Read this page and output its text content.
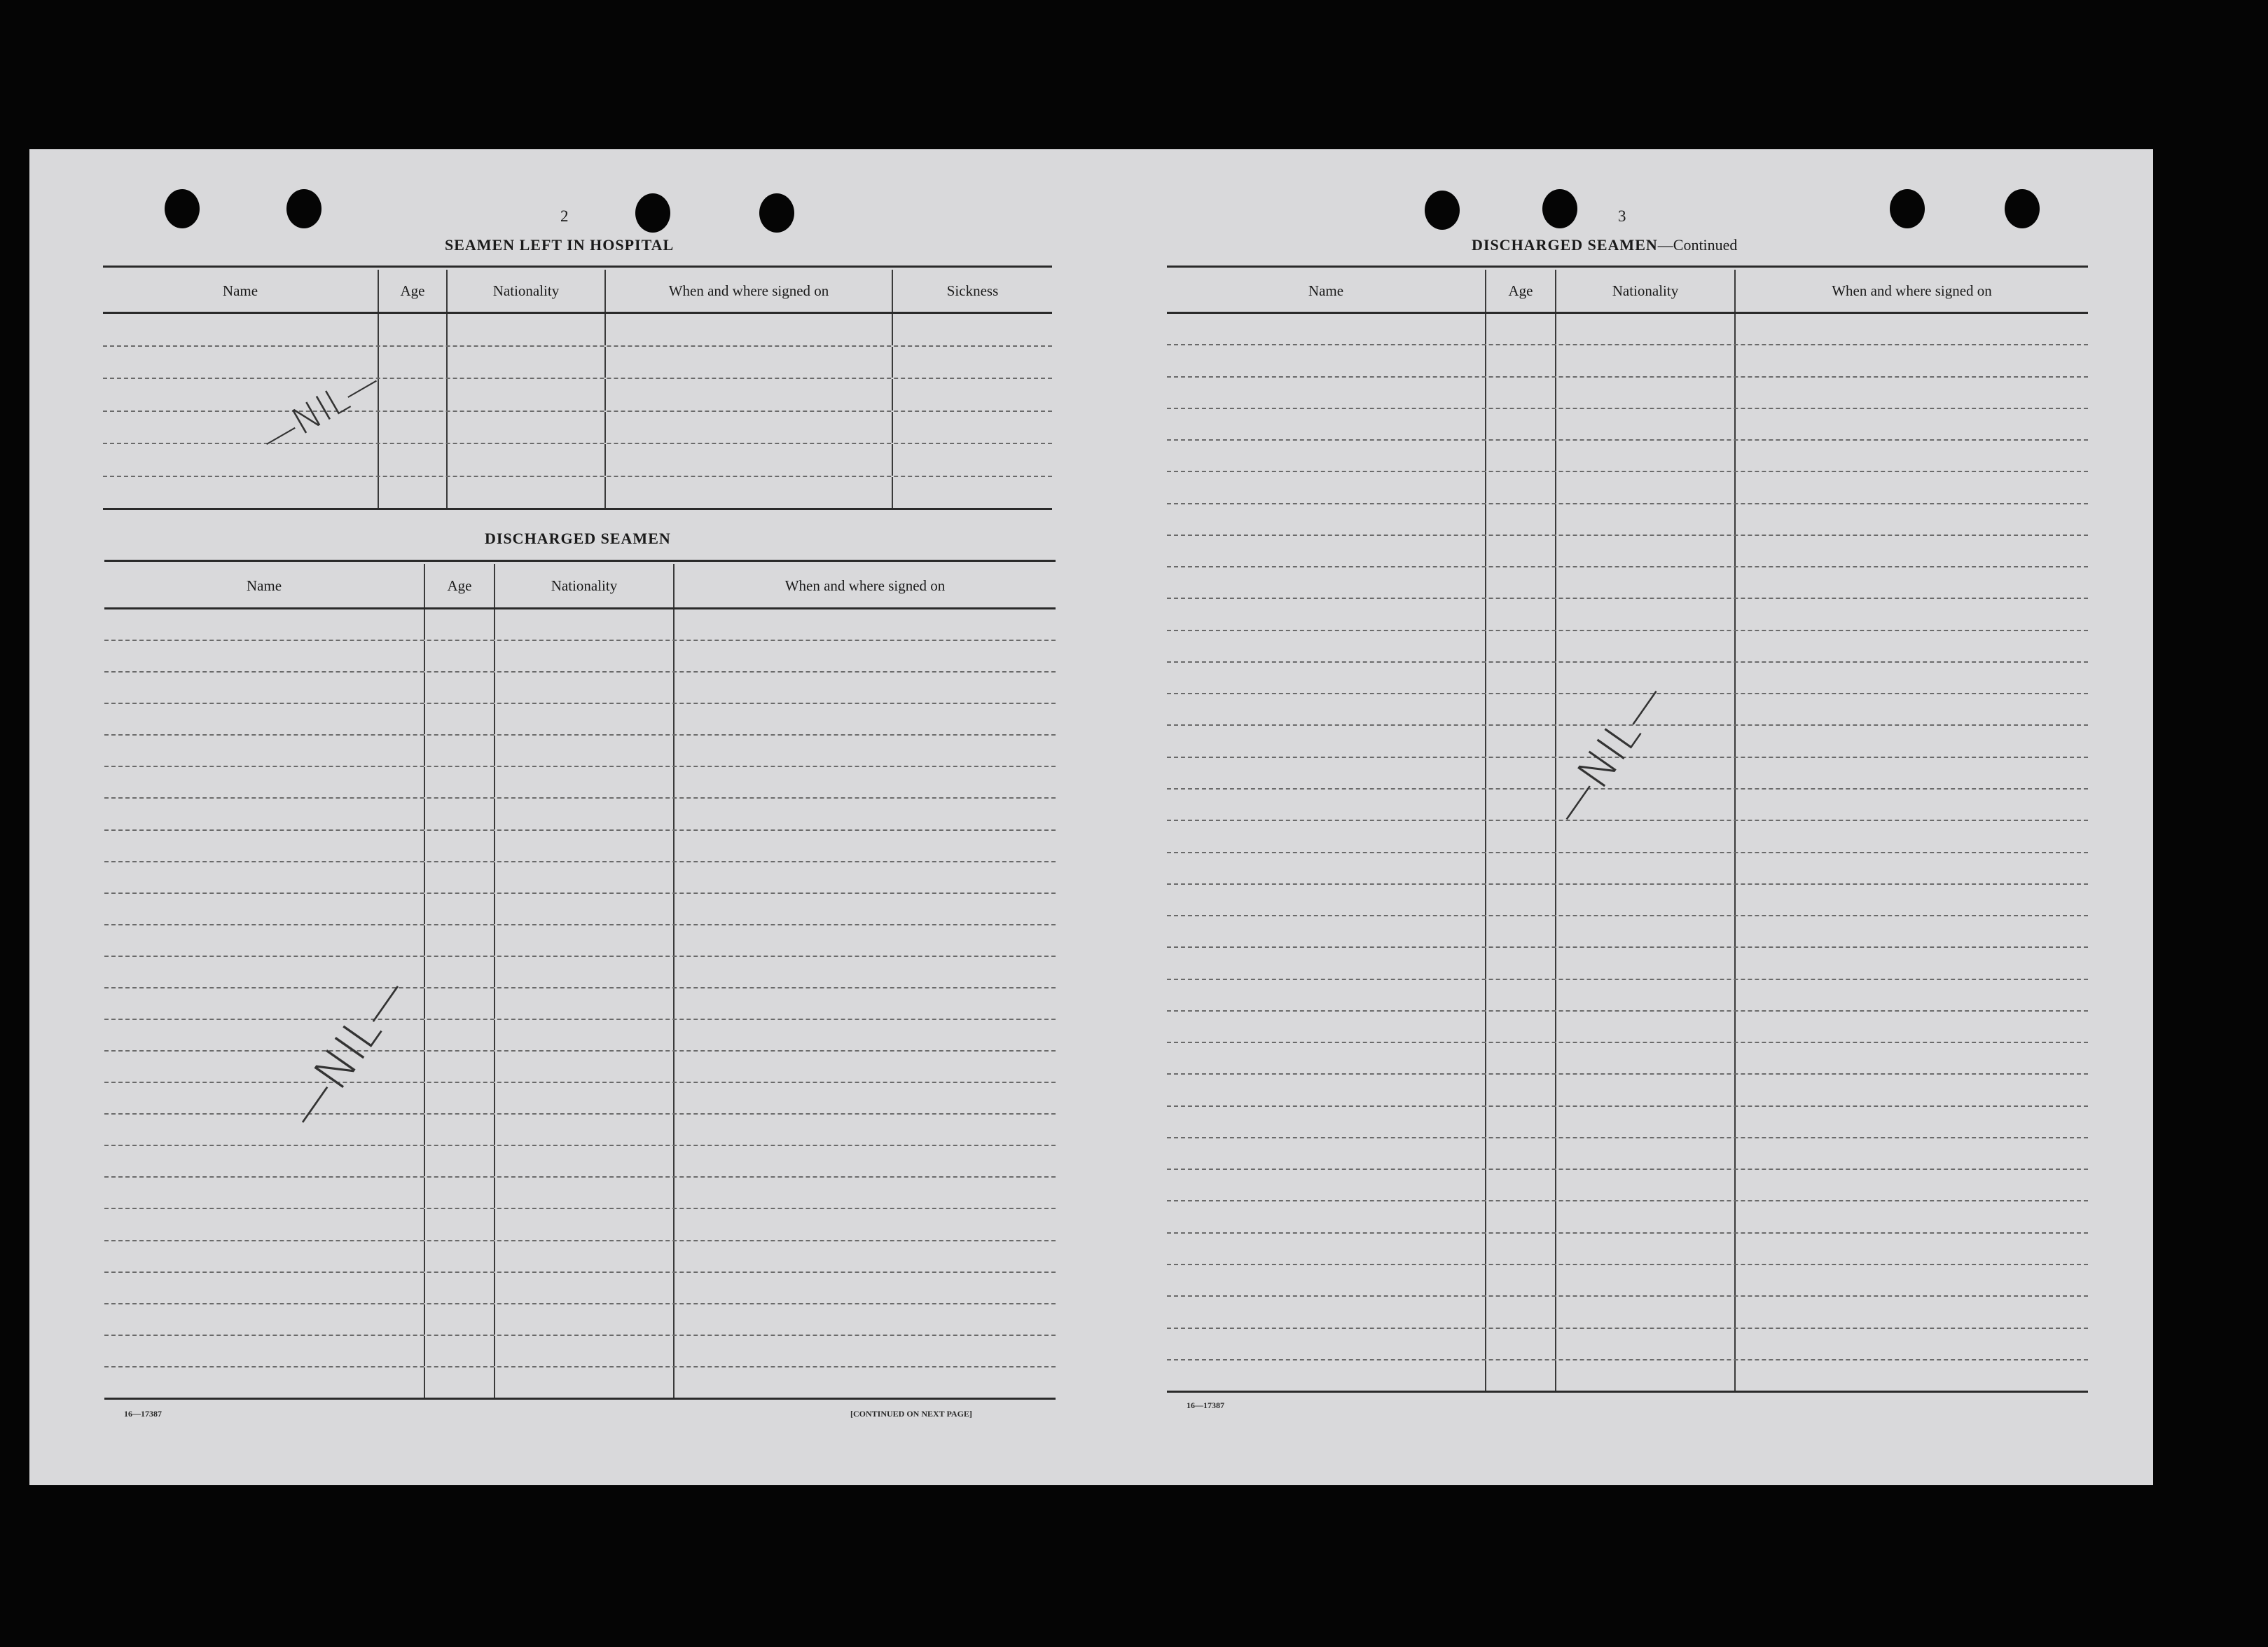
2
SEAMEN LEFT IN HOSPITAL
Name	Age	Nationality	When and where signed on	Sickness
—NIL—
DISCHARGED SEAMEN
Name	Age	Nationality	When and where signed on
—NIL—
16—17387	[CONTINUED ON NEXT PAGE]
3
DISCHARGED SEAMEN—Continued
Name	Age	Nationality	When and where signed on
—NIL—
16—17387
